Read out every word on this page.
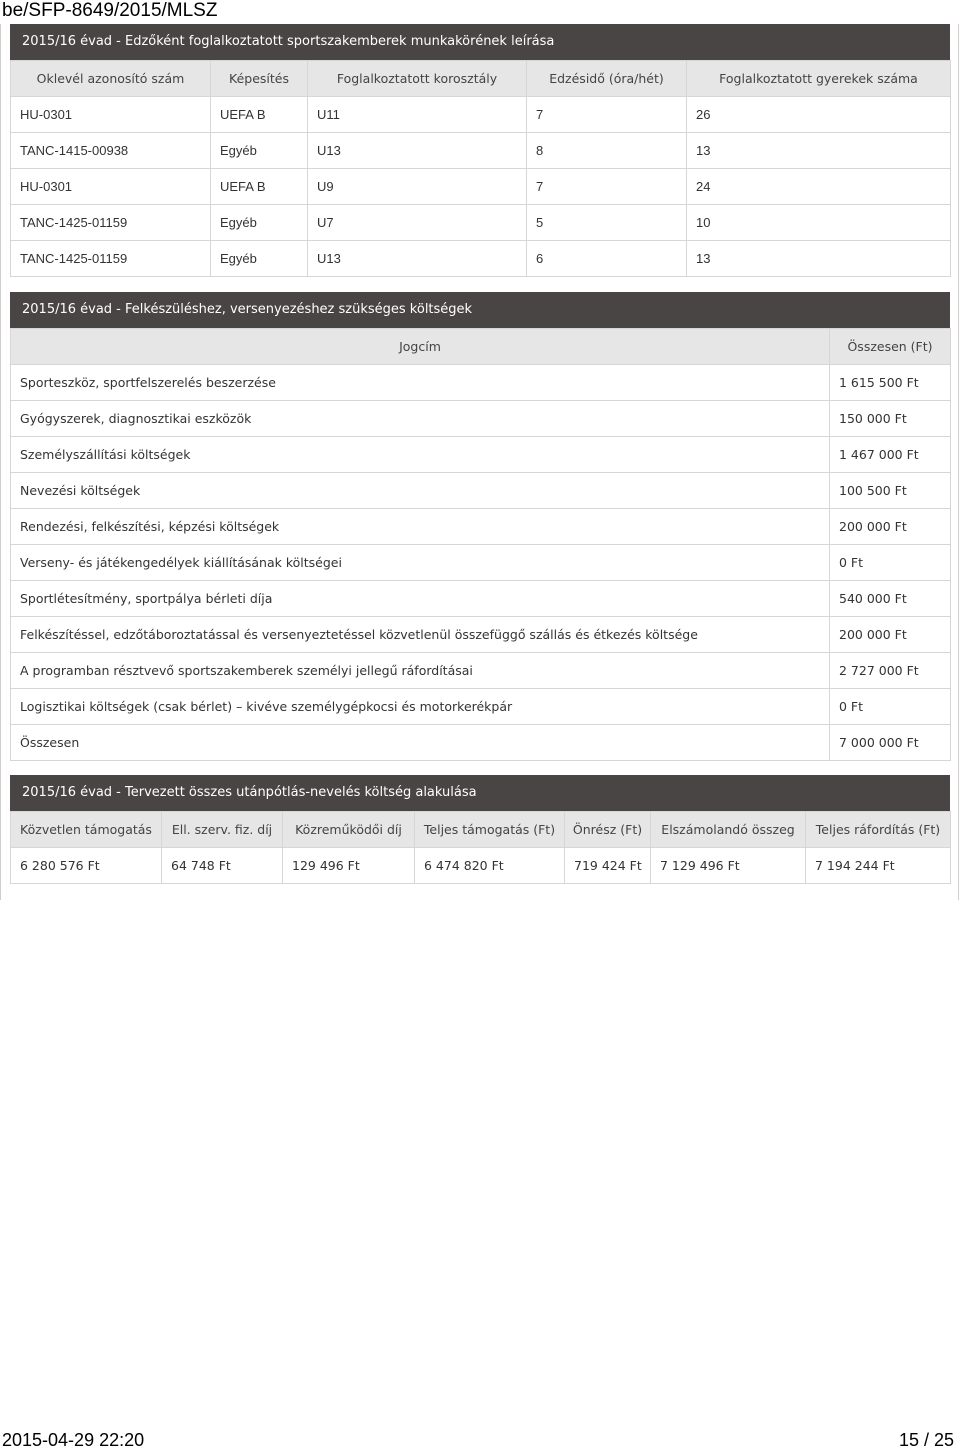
be/SFP-8649/2015/MLSZ
2015/16 évad - Edzőként foglalkoztatott sportszakemberek munkakörének leírása
Oklevél azonosító szám	Képesítés	Foglalkoztatott korosztály	Edzésidő (óra/hét)	Foglalkoztatott gyerekek száma
HU-0301	UEFA B	U11	7	26
TANC-1415-00938	Egyéb	U13	8	13
HU-0301	UEFA B	U9	7	24
TANC-1425-01159	Egyéb	U7	5	10
TANC-1425-01159	Egyéb	U13	6	13
2015/16 évad - Felkészüléshez, versenyezéshez szükséges költségek
Jogcím	Összesen (Ft)
Sporteszköz, sportfelszerelés beszerzése	1 615 500 Ft
Gyógyszerek, diagnosztikai eszközök	150 000 Ft
Személyszállítási költségek	1 467 000 Ft
Nevezési költségek	100 500 Ft
Rendezési, felkészítési, képzési költségek	200 000 Ft
Verseny- és játékengedélyek kiállításának költségei	0 Ft
Sportlétesítmény, sportpálya bérleti díja	540 000 Ft
Felkészítéssel, edzőtáboroztatással és versenyeztetéssel közvetlenül összefüggő szállás és étkezés költsége	200 000 Ft
A programban résztvevő sportszakemberek személyi jellegű ráfordításai	2 727 000 Ft
Logisztikai költségek (csak bérlet) – kivéve személygépkocsi és motorkerékpár	0 Ft
Összesen	7 000 000 Ft
2015/16 évad - Tervezett összes utánpótlás-nevelés költség alakulása
Közvetlen támogatás	Ell. szerv. fiz. díj	Közreműködői díj	Teljes támogatás (Ft)	Önrész (Ft)	Elszámolandó összeg	Teljes ráfordítás (Ft)
6 280 576 Ft	64 748 Ft	129 496 Ft	6 474 820 Ft	719 424 Ft	7 129 496 Ft	7 194 244 Ft
2015-04-29 22:20	15 / 25
